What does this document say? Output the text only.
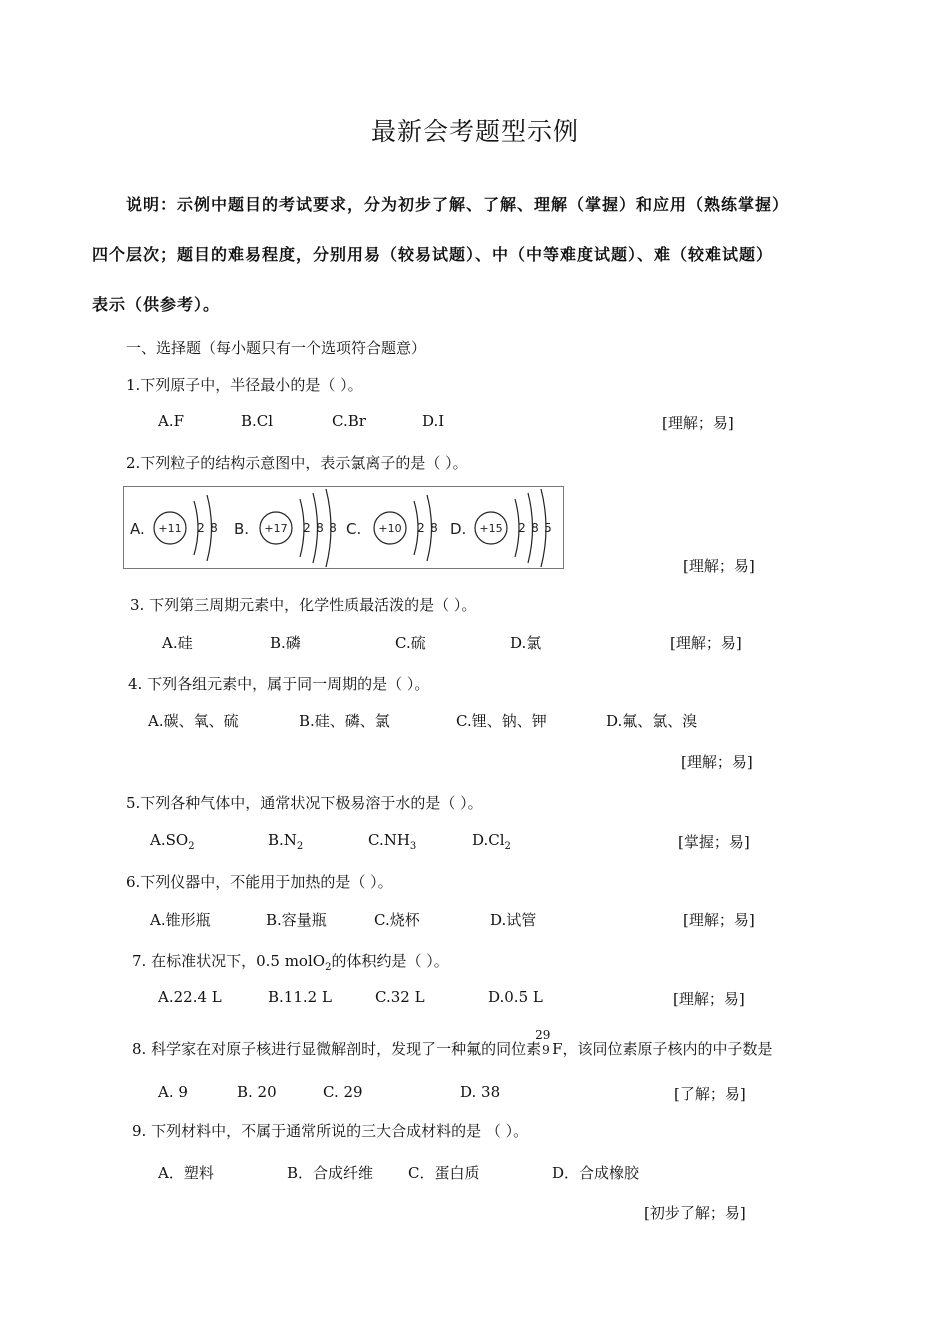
最新会考题型示例
说明：示例中题目的考试要求，分为初步了解、了解、理解（掌握）和应用（熟练掌握）
四个层次；题目的难易程度，分别用易（较易试题）、中（中等难度试题）、难（较难试题）
表示（供参考）。
一、选择题（每小题只有一个选项符合题意）
1.下列原子中，半径最小的是（ ）。
A.F	B.Cl	C.Br	D.I	[理解；易]
2.下列粒子的结构示意图中，表示氯离子的是（ ）。
A.	B.	C.	D.
+11	+17	+10	+15
2 8	2 8 8	2 8	2 8 5
[理解；易]
3. 下列第三周期元素中，化学性质最活泼的是（ ）。
A.硅	B.磷	C.硫	D.氯	[理解；易]
4. 下列各组元素中，属于同一周期的是（ ）。
A.碳、氧、硫	B.硅、磷、氯	C.锂、钠、钾	D.氟、氯、溴
[理解；易]
5.下列各种气体中，通常状况下极易溶于水的是（ ）。
$A.SO_2$	$B.N_2$	$C.NH_3$	$D.Cl_2$	[掌握；易]
6.下列仪器中，不能用于加热的是（ ）。
A.锥形瓶	B.容量瓶	C.烧杯	D.试管	[理解；易]
7. 在标准状况下，0.5 molO$_2$的体积约是（ ）。
A.22.4 L	B.11.2 L	C.32 L	D.0.5 L	[理解；易]
8. 科学家在对原子核进行显微解剖时，发现了一种氟的同位素
29
9 F，该同位素原子核内的中子数是
A. 9	B. 20	C. 29	D. 38	[了解；易]
9. 下列材料中，不属于通常所说的三大合成材料的是 （ ）。
A．塑料	B．合成纤维 C．蛋白质	D．合成橡胶
[初步了解；易]
